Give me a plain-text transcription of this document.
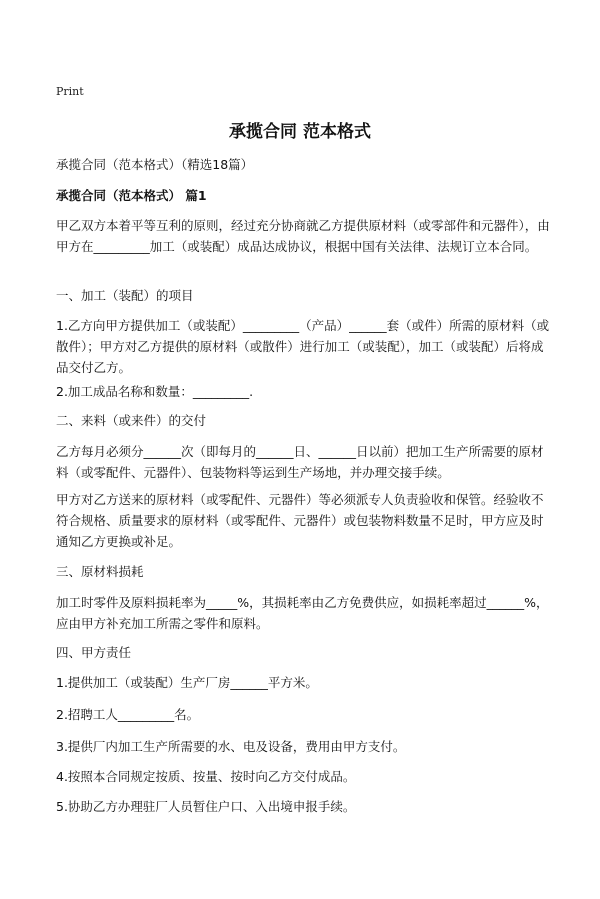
Print
承揽合同 范本格式
承揽合同（范本格式）（精选18篇）
承揽合同（范本格式） 篇1

甲乙双方本着平等互利的原则，经过充分协商就乙方提供原材料（或零部件和元器件），由甲方在_________加工（或装配）成品达成协议，根据中国有关法律、法规订立本合同。

一、加工（装配）的项目

1.乙方向甲方提供加工（或装配）_________（产品）______套（或件）所需的原材料（或散件）；甲方对乙方提供的原材料（或散件）进行加工（或装配），加工（或装配）后将成品交付乙方。

2.加工成品名称和数量：_________.

二、来料（或来件）的交付

乙方每月必须分______次（即每月的______日、______日以前）把加工生产所需要的原材料（或零配件、元器件）、包装物料等运到生产场地，并办理交接手续。

甲方对乙方送来的原材料（或零配件、元器件）等必须派专人负责验收和保管。经验收不符合规格、质量要求的原材料（或零配件、元器件）或包装物料数量不足时，甲方应及时通知乙方更换或补足。

三、原材料损耗

加工时零件及原料损耗率为_____%，其损耗率由乙方免费供应，如损耗率超过______%，应由甲方补充加工所需之零件和原料。

四、甲方责任

1.提供加工（或装配）生产厂房______平方米。

2.招聘工人_________名。

3.提供厂内加工生产所需要的水、电及设备，费用由甲方支付。

4.按照本合同规定按质、按量、按时向乙方交付成品。

5.协助乙方办理驻厂人员暂住户口、入出境申报手续。
